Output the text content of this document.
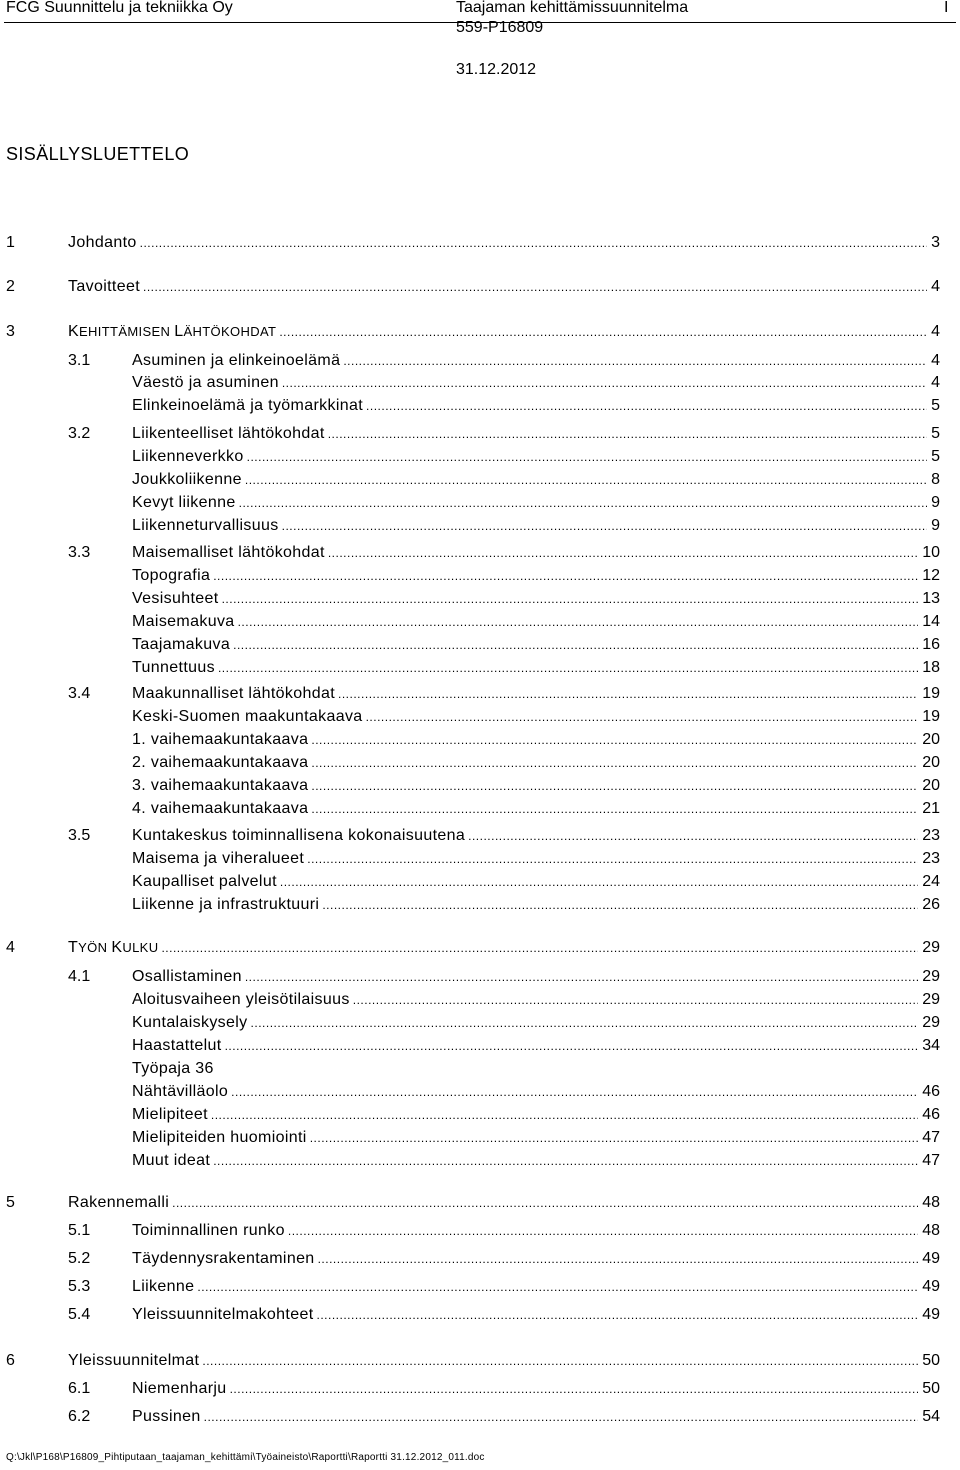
FCG Suunnittelu ja tekniikka Oy	Taajaman kehittämissuunnitelma
559-P16809
I
31.12.2012
SISÄLLYSLUETTELO
1	Johdanto .....	3
2	Tavoitteet .....	4
3	KEHITTÄMISEN LÄHTÖKOHDAT .....	4
3.1	Asuminen ja elinkeinoelämä .....	4
Väestö ja asuminen .....	4
Elinkeinoelämä ja työmarkkinat .....	5
3.2	Liikenteelliset lähtökohdat .....	5
Liikenneverkko .....	5
Joukkoliikenne .....	8
Kevyt liikenne .....	9
Liikenneturvallisuus .....	9
3.3	Maisemalliset lähtökohdat .....	10
Topografia .....	12
Vesisuhteet .....	13
Maisemakuva .....	14
Taajamakuva .....	16
Tunnettuus .....	18
3.4	Maakunnalliset lähtökohdat .....	19
Keski-Suomen maakuntakaava .....	19
1. vaihemaakuntakaava .....	20
2. vaihemaakuntakaava .....	20
3. vaihemaakuntakaava .....	20
4. vaihemaakuntakaava .....	21
3.5	Kuntakeskus toiminnallisena kokonaisuutena .....	23
Maisema ja viheralueet .....	23
Kaupalliset palvelut .....	24
Liikenne ja infrastruktuuri .....	26
4	TYÖN KULKU .....	29
4.1	Osallistaminen .....	29
Aloitusvaiheen yleisötilaisuus .....	29
Kuntalaiskysely .....	29
Haastattelut .....	34
Työpaja 36
Nähtävilläolo .....	46
Mielipiteet .....	46
Mielipiteiden huomiointi .....	47
Muut ideat .....	47
5	Rakennemalli .....	48
5.1	Toiminnallinen runko .....	48
5.2	Täydennysrakentaminen .....	49
5.3	Liikenne .....	49
5.4	Yleissuunnitelmakohteet .....	49
6	Yleissuunnitelmat .....	50
6.1	Niemenharju .....	50
6.2	Pussinen .....	54
Q:\Jkl\P168\P16809_Pihtiputaan_taajaman_kehittämi\Työaineisto\Raportti\Raportti 31.12.2012_011.doc
